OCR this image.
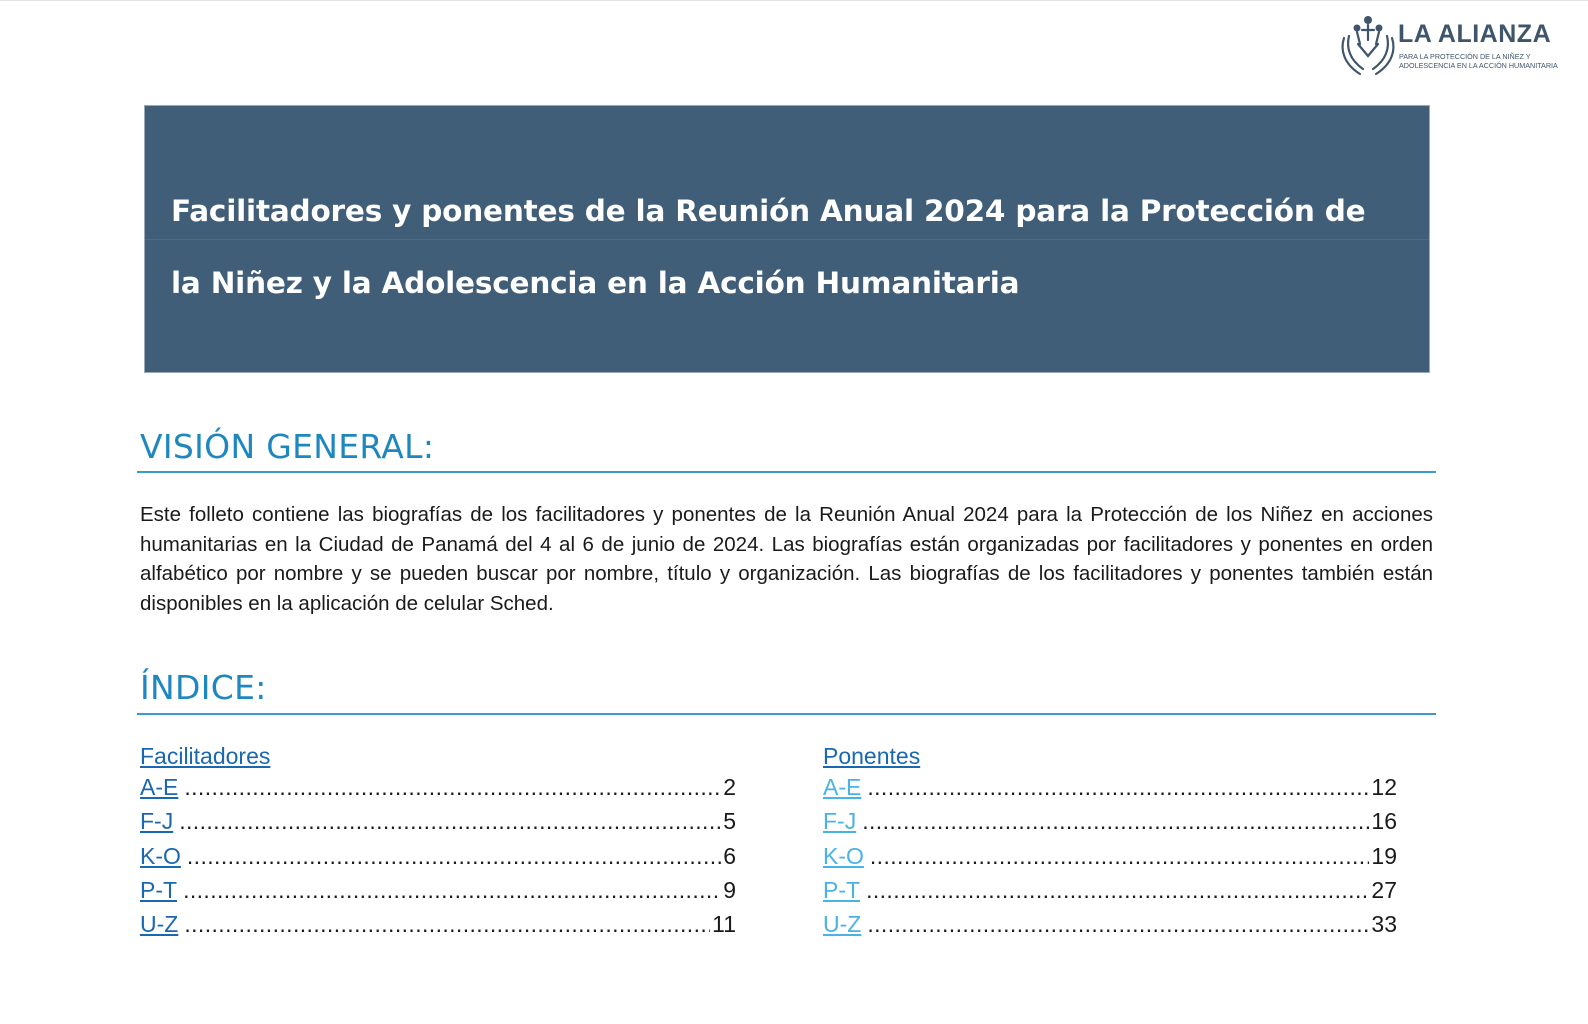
LA ALIANZA
PARA LA PROTECCIÓN DE LA NIÑEZ Y
ADOLESCENCIA EN LA ACCIÓN HUMANITARIA
Facilitadores y ponentes de la Reunión Anual 2024 para la Protección de
la Niñez y la Adolescencia en la Acción Humanitaria
VISIÓN GENERAL:
Este folleto contiene las biografías de los facilitadores y ponentes de la Reunión Anual 2024 para la Protección de los Niñez en acciones humanitarias en la Ciudad de Panamá del 4 al 6 de junio de 2024. Las biografías están organizadas por facilitadores y ponentes en orden alfabético por nombre y se pueden buscar por nombre, título y organización. Las biografías de los facilitadores y ponentes también están disponibles en la aplicación de celular Sched.
ÍNDICE:
Facilitadores
A-E .....	2
F-J .....	5
K-O .....	6
P-T .....	9
U-Z .....	11
Ponentes
A-E .....	12
F-J .....	16
K-O .....	19
P-T .....	27
U-Z .....	33
